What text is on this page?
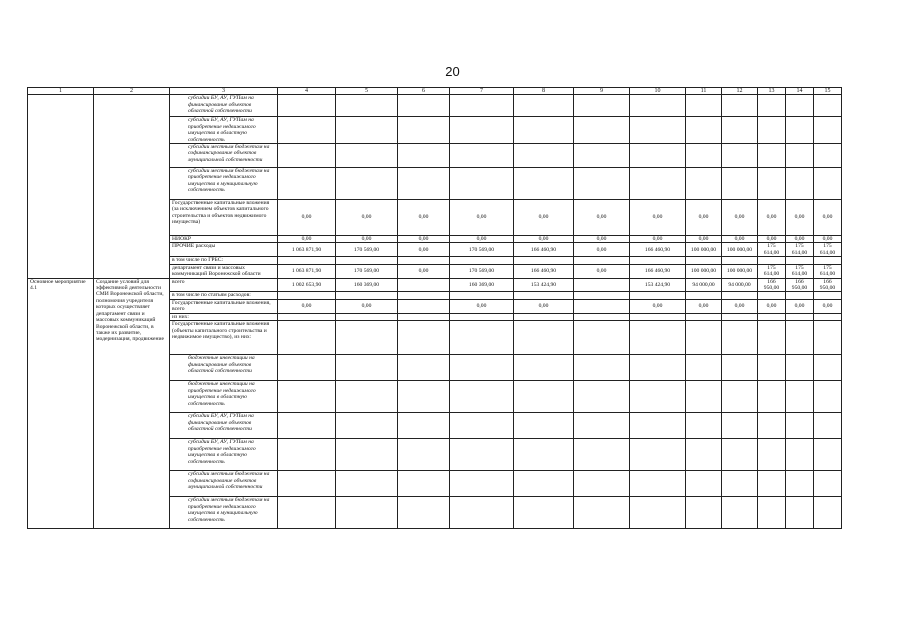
20
1	2	3	4	5	6	7	8	9	10	11	12	13	14	15
		субсидии БУ, АУ, ГУПам на финансирование объектов областной собственности												
		субсидии БУ, АУ, ГУПам на приобретение недвижимого имущества в областную собственность												
		субсидии местным бюджетам на софинансирование объектов муниципальной собственности												
		субсидии местным бюджетам на приобретение недвижимого имущества в муниципальную собственность												
		Государственные капитальные вложения (за исключением объектов капитального строительства и объектов недвижимого имущества)	0,00	0,00	0,00	0,00	0,00	0,00	0,00	0,00	0,00	0,00	0,00	0,00
		НИОКР	0,00	0,00	0,00	0,00	0,00	0,00	0,00	0,00	0,00	0,00	0,00	0,00
		ПРОЧИЕ расходы	1 063 871,90	170 569,00	0,00	170 569,00	166 460,90	0,00	166 460,90	100 000,00	100 000,00	175 614,00	175 614,00	175 614,00
		в том числе по ГРБС:												
		департамент связи и массовых коммуникаций Воронежской области	1 063 871,90	170 569,00	0,00	170 569,00	166 460,90	0,00	166 460,90	100 000,00	100 000,00	175 614,00	175 614,00	175 614,00
Основное мероприятие 4.1	Создание условий для эффективной деятельности СМИ Воронежской области, полномочия учредителя которых осуществляет департамент связи и массовых коммуникаций Воронежской области, в также их развитие, модернизация, продвижение	всего	1 002 653,90	160 369,00		160 369,00	153 424,90		153 424,90	94 000,00	94 000,00	166 950,00	166 950,00	166 950,00
		в том числе по статьям расходов:												
		Государственные капитальные вложения, всего	0,00	0,00		0,00	0,00		0,00	0,00	0,00	0,00	0,00	0,00
		из них:												
		Государственные капитальные вложения (объекты капитального строительства и недвижимое имущество), из них:												
		бюджетные инвестиции на финансирование объектов областной собственности												
		бюджетные инвестиции на приобретение недвижимого имущества в областную собственность												
		субсидии БУ, АУ, ГУПам на финансирование объектов областной собственности												
		субсидии БУ, АУ, ГУПам на приобретение недвижимого имущества в областную собственность												
		субсидии местным бюджетам на софинансирование объектов муниципальной собственности												
		субсидии местным бюджетам на приобретение недвижимого имущества в муниципальную собственность												
